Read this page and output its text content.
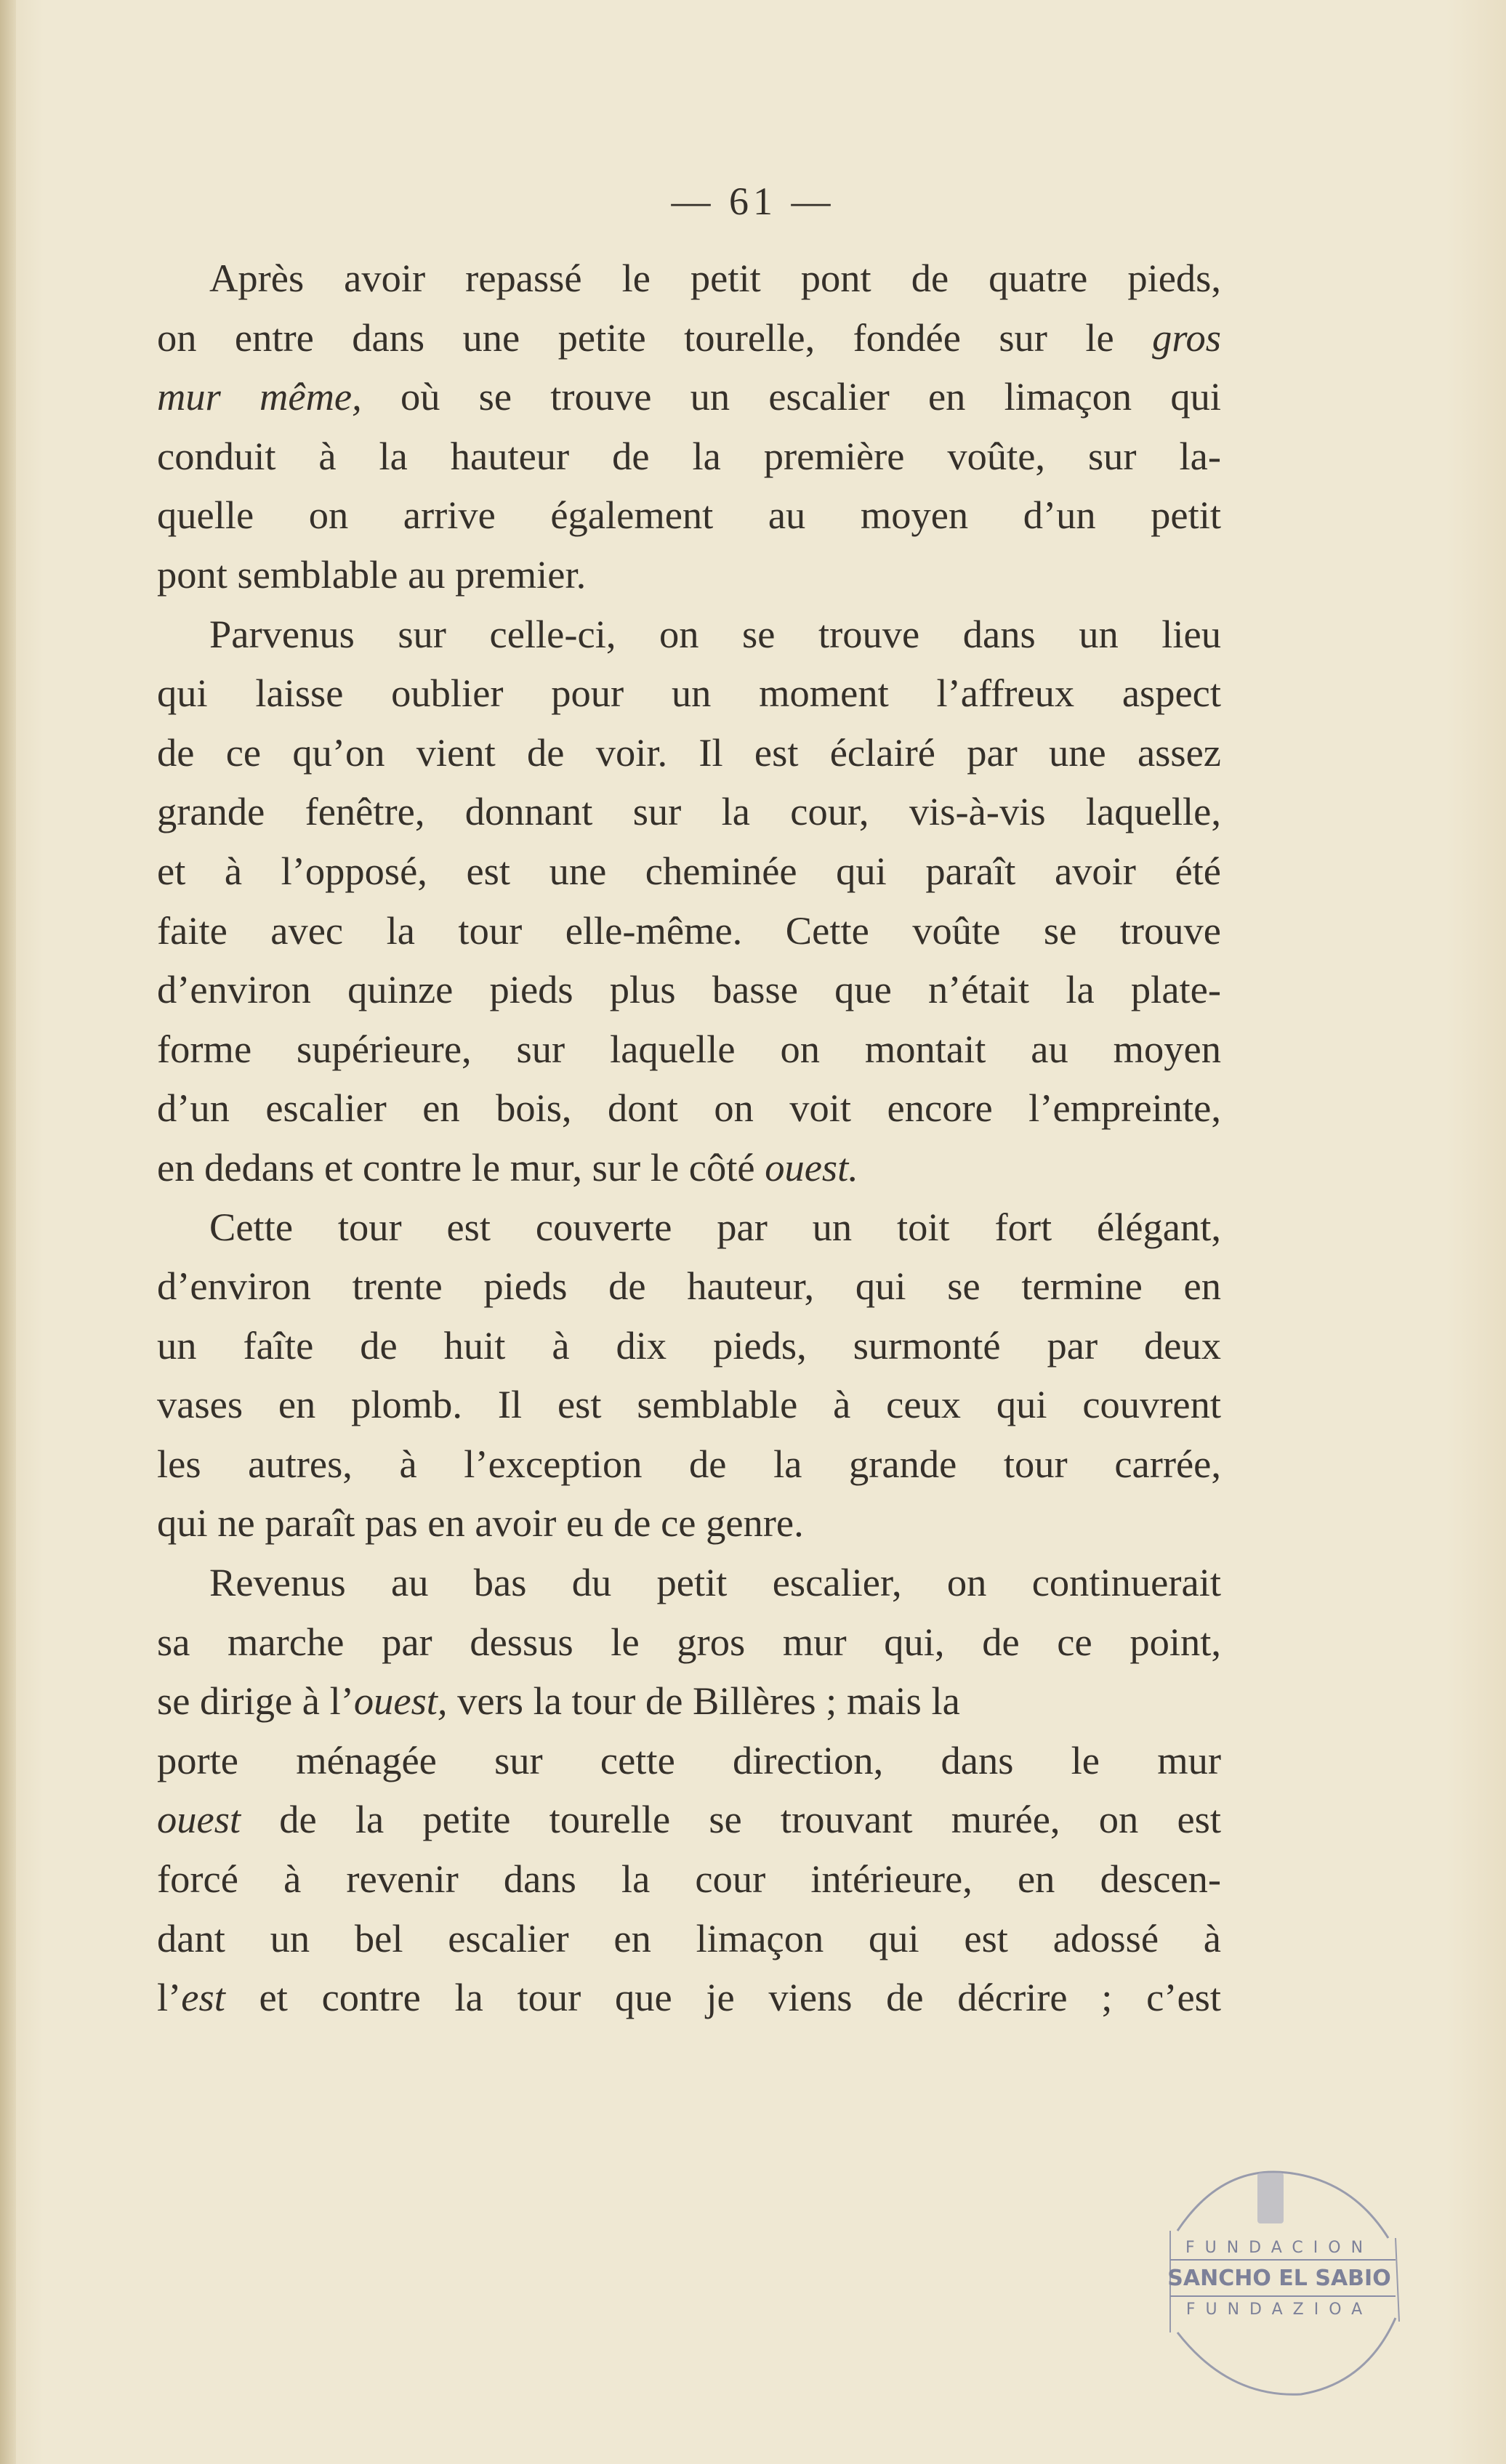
— 61 —
Après avoir repassé le petit pont de quatre pieds,
on entre dans une petite tourelle, fondée sur le gros
mur même, où se trouve un escalier en limaçon qui
conduit à la hauteur de la première voûte, sur la-
quelle on arrive également au moyen d’un petit
pont semblable au premier.
Parvenus sur celle-ci, on se trouve dans un lieu
qui laisse oublier pour un moment l’affreux aspect
de ce qu’on vient de voir. Il est éclairé par une assez
grande fenêtre, donnant sur la cour, vis-à-vis laquelle,
et à l’opposé, est une cheminée qui paraît avoir été
faite avec la tour elle-même. Cette voûte se trouve
d’environ quinze pieds plus basse que n’était la plate-
forme supérieure, sur laquelle on montait au moyen
d’un escalier en bois, dont on voit encore l’empreinte,
en dedans et contre le mur, sur le côté ouest.
Cette tour est couverte par un toit fort élégant,
d’environ trente pieds de hauteur, qui se termine en
un faîte de huit à dix pieds, surmonté par deux
vases en plomb. Il est semblable à ceux qui couvrent
les autres, à l’exception de la grande tour carrée,
qui ne paraît pas en avoir eu de ce genre.
Revenus au bas du petit escalier, on continuerait
sa marche par dessus le gros mur qui, de ce point,
se dirige à l’ouest, vers la tour de Billères ; mais la
porte ménagée sur cette direction, dans le mur
ouest de la petite tourelle se trouvant murée, on est
forcé à revenir dans la cour intérieure, en descen-
dant un bel escalier en limaçon qui est adossé à
l’est et contre la tour que je viens de décrire ; c’est
FUNDACION
SANCHO EL SABIO
FUNDAZIOA
